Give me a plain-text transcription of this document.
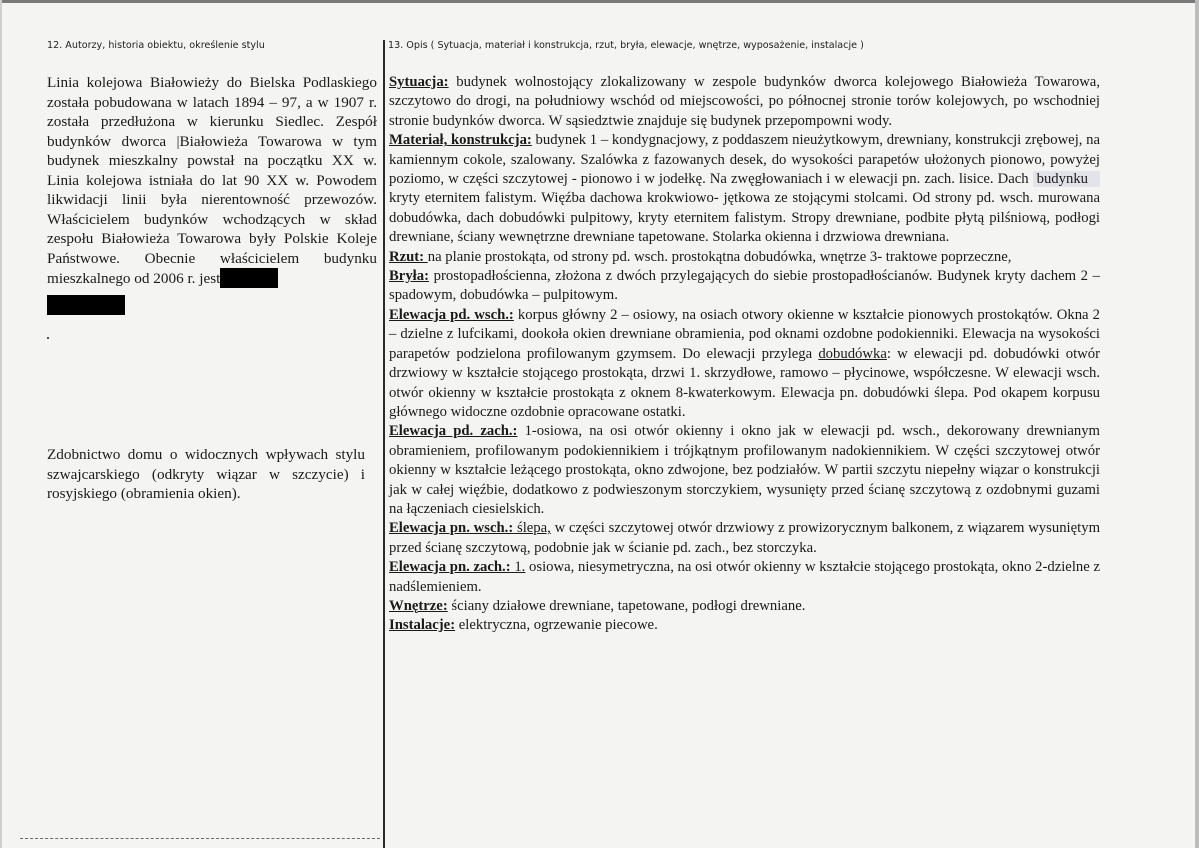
12. Autorzy, historia obiektu, określenie stylu	13. Opis ( Sytuacja, materiał i konstrukcja, rzut, bryła, elewacje, wnętrze, wyposażenie, instalacje )

Linia kolejowa Białowieży do Bielska Podlaskiego została pobudowana w latach 1894 – 97, a w 1907 r. została przedłużona w kierunku Siedlec. Zespół budynków dworca |Białowieża Towarowa w tym budynek mieszkalny powstał na początku XX w. Linia kolejowa istniała do lat 90 XX w. Powodem likwidacji linii była nierentowność przewozów. Właścicielem budynków wchodzących w skład zespołu Białowieża Towarowa były Polskie Koleje Państwowe. Obecnie właścicielem budynku mieszkalnego od 2006 r. jest

Zdobnictwo domu o widocznych wpływach stylu szwajcarskiego (odkryty wiązar w szczycie) i rosyjskiego (obramienia okien).

Sytuacja: budynek wolnostojący zlokalizowany w zespole budynków dworca kolejowego Białowieża Towarowa, szczytowo do drogi, na południowy wschód od miejscowości, po północnej stronie torów kolejowych, po wschodniej stronie budynków dworca. W sąsiedztwie znajduje się budynek przepompowni wody.

Materiał, konstrukcja: budynek 1 – kondygnacjowy, z poddaszem nieużytkowym, drewniany, konstrukcji zrębowej, na kamiennym cokole, szalowany. Szalówka z fazowanych desek, do wysokości parapetów ułożonych pionowo, powyżej poziomo, w części szczytowej - pionowo i w jodełkę. Na zwęgłowaniach i w elewacji pn. zach. lisice. Dach budynku kryty eternitem falistym. Więźba dachowa krokwiowo- jętkowa ze stojącymi stolcami. Od strony pd. wsch. murowana dobudówka, dach dobudówki pulpitowy, kryty eternitem falistym. Stropy drewniane, podbite płytą pilśniową, podłogi drewniane, ściany wewnętrzne drewniane tapetowane. Stolarka okienna i drzwiowa drewniana.

Rzut: na planie prostokąta, od strony pd. wsch. prostokątna dobudówka, wnętrze 3- traktowe poprzeczne,

Bryła: prostopadłościenna, złożona z dwóch przylegających do siebie prostopadłościanów. Budynek kryty dachem 2 – spadowym, dobudówka – pulpitowym.

Elewacja pd. wsch.: korpus główny 2 – osiowy, na osiach otwory okienne w kształcie pionowych prostokątów. Okna 2 – dzielne z lufcikami, dookoła okien drewniane obramienia, pod oknami ozdobne podokienniki. Elewacja na wysokości parapetów podzielona profilowanym gzymsem. Do elewacji przylega dobudówka: w elewacji pd. dobudówki otwór drzwiowy w kształcie stojącego prostokąta, drzwi 1. skrzydłowe, ramowo – płycinowe, współczesne. W elewacji wsch. otwór okienny w kształcie prostokąta z oknem 8-kwaterkowym. Elewacja pn. dobudówki ślepa. Pod okapem korpusu głównego widoczne ozdobnie opracowane ostatki.

Elewacja pd. zach.: 1-osiowa, na osi otwór okienny i okno jak w elewacji pd. wsch., dekorowany drewnianym obramieniem, profilowanym podokiennikiem i trójkątnym profilowanym nadokiennikiem. W części szczytowej otwór okienny w kształcie leżącego prostokąta, okno zdwojone, bez podziałów. W partii szczytu niepełny wiązar o konstrukcji jak w całej więźbie, dodatkowo z podwieszonym storczykiem, wysunięty przed ścianę szczytową z ozdobnymi guzami na łączeniach ciesielskich.

Elewacja pn. wsch.: ślepa, w części szczytowej otwór drzwiowy z prowizorycznym balkonem, z wiązarem wysuniętym przed ścianę szczytową, podobnie jak w ścianie pd. zach., bez storczyka.

Elewacja pn. zach.: 1. osiowa, niesymetryczna, na osi otwór okienny w kształcie stojącego prostokąta, okno 2-dzielne z nadślemieniem.

Wnętrze: ściany działowe drewniane, tapetowane, podłogi drewniane.

Instalacje: elektryczna, ogrzewanie piecowe.
